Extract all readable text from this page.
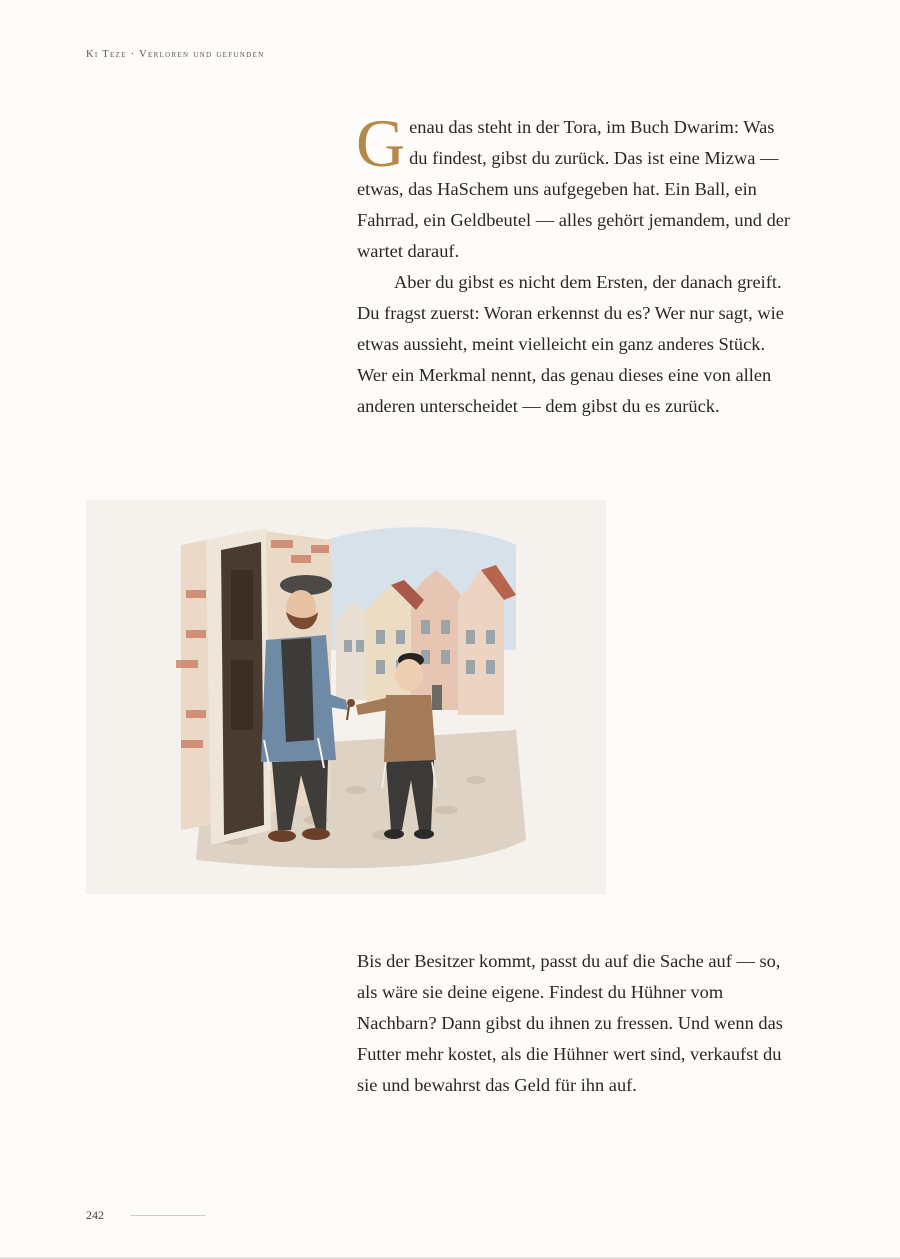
Ki Teze · Verloren und gefunden

Genau das steht in der Tora, im Buch Dwarim: Was du findest, gibst du zurück. Das ist eine Mizwa — etwas, das HaSchem uns aufgegeben hat. Ein Ball, ein Fahrrad, ein Geldbeutel — alles gehört jemandem, und der wartet darauf.

Aber du gibst es nicht dem Ersten, der danach greift. Du fragst zuerst: Woran erkennst du es? Wer nur sagt, wie etwas aussieht, meint vielleicht ein ganz anderes Stück. Wer ein Merkmal nennt, das genau dieses eine von allen anderen unterscheidet — dem gibst du es zurück.

Bis der Besitzer kommt, passt du auf die Sache auf — so, als wäre sie deine eigene. Findest du Hühner vom Nachbarn? Dann gibst du ihnen zu fressen. Und wenn das Futter mehr kostet, als die Hühner wert sind, verkaufst du sie und bewahrst das Geld für ihn auf.

242
